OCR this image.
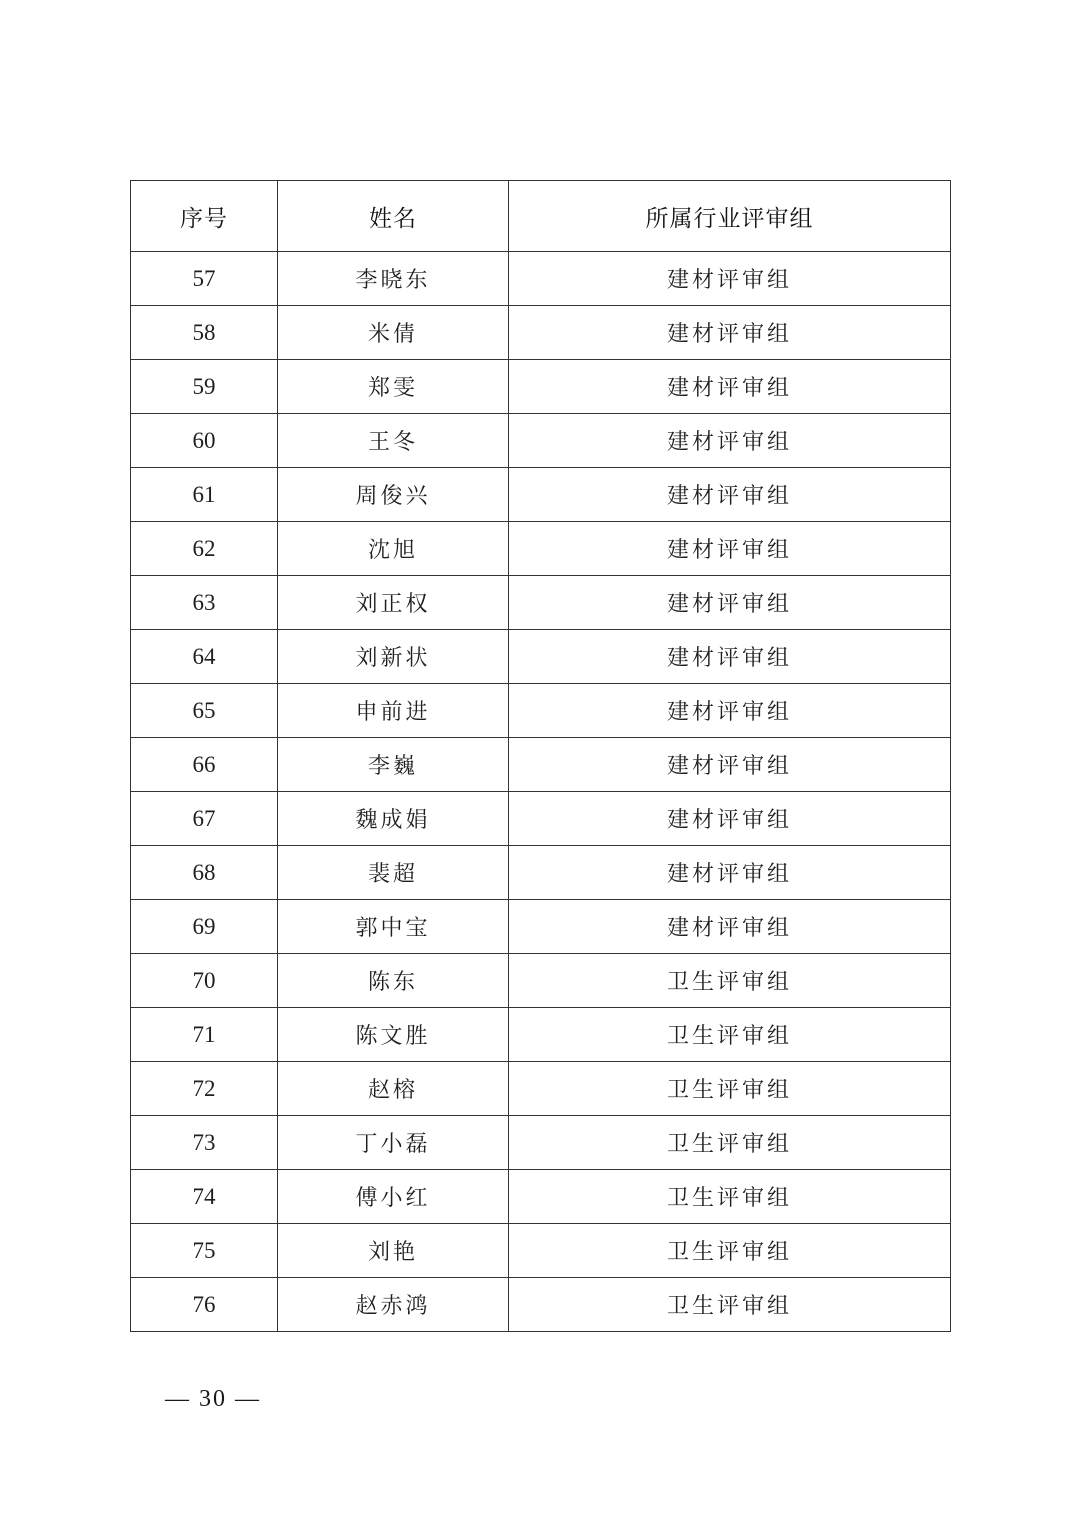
序号	姓名	所属行业评审组
57	李晓东	建材评审组
58	米倩	建材评审组
59	郑雯	建材评审组
60	王冬	建材评审组
61	周俊兴	建材评审组
62	沈旭	建材评审组
63	刘正权	建材评审组
64	刘新状	建材评审组
65	申前进	建材评审组
66	李巍	建材评审组
67	魏成娟	建材评审组
68	裴超	建材评审组
69	郭中宝	建材评审组
70	陈东	卫生评审组
71	陈文胜	卫生评审组
72	赵榕	卫生评审组
73	丁小磊	卫生评审组
74	傅小红	卫生评审组
75	刘艳	卫生评审组
76	赵赤鸿	卫生评审组
— 30 —
